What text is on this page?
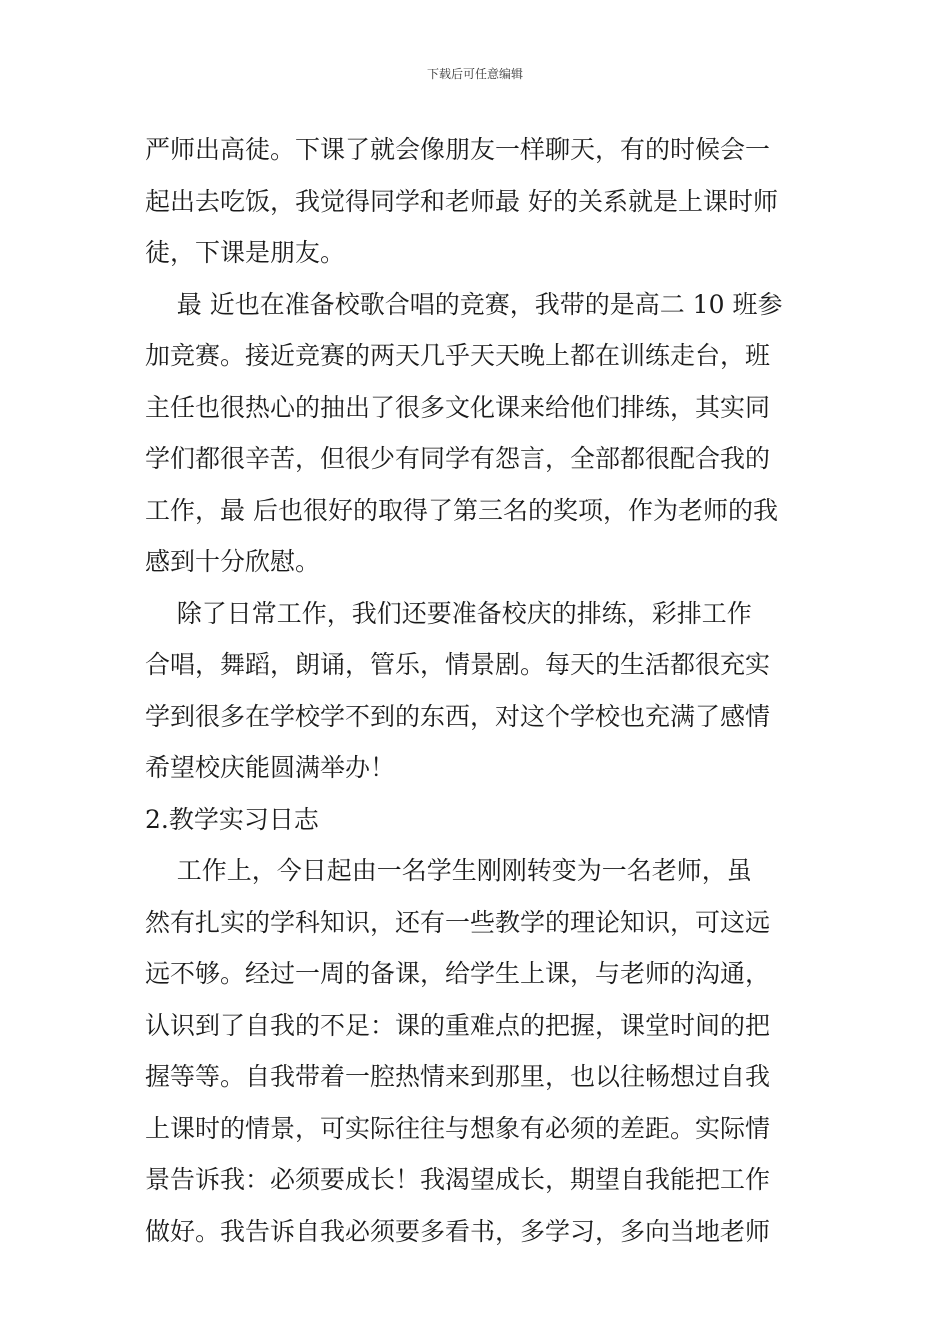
下载后可任意编辑
严师出高徒。下课了就会像朋友一样聊天，有的时候会一
起出去吃饭，我觉得同学和老师最 好的关系就是上课时师
徒，下课是朋友。
最 近也在准备校歌合唱的竞赛，我带的是高二 10 班参
加竞赛。接近竞赛的两天几乎天天晚上都在训练走台，班
主任也很热心的抽出了很多文化课来给他们排练，其实同
学们都很辛苦，但很少有同学有怨言，全部都很配合我的
工作，最 后也很好的取得了第三名的奖项，作为老师的我
感到十分欣慰。
除了日常工作，我们还要准备校庆的排练，彩排工作
合唱，舞蹈，朗诵，管乐，情景剧。每天的生活都很充实
学到很多在学校学不到的东西，对这个学校也充满了感情
希望校庆能圆满举办！
2.教学实习日志
工作上，今日起由一名学生刚刚转变为一名老师，虽
然有扎实的学科知识，还有一些教学的理论知识，可这远
远不够。经过一周的备课，给学生上课，与老师的沟通，
认识到了自我的不足：课的重难点的把握，课堂时间的把
握等等。自我带着一腔热情来到那里，也以往畅想过自我
上课时的情景，可实际往往与想象有必须的差距。实际情
景告诉我：必须要成长！我渴望成长，期望自我能把工作
做好。我告诉自我必须要多看书，多学习，多向当地老师
